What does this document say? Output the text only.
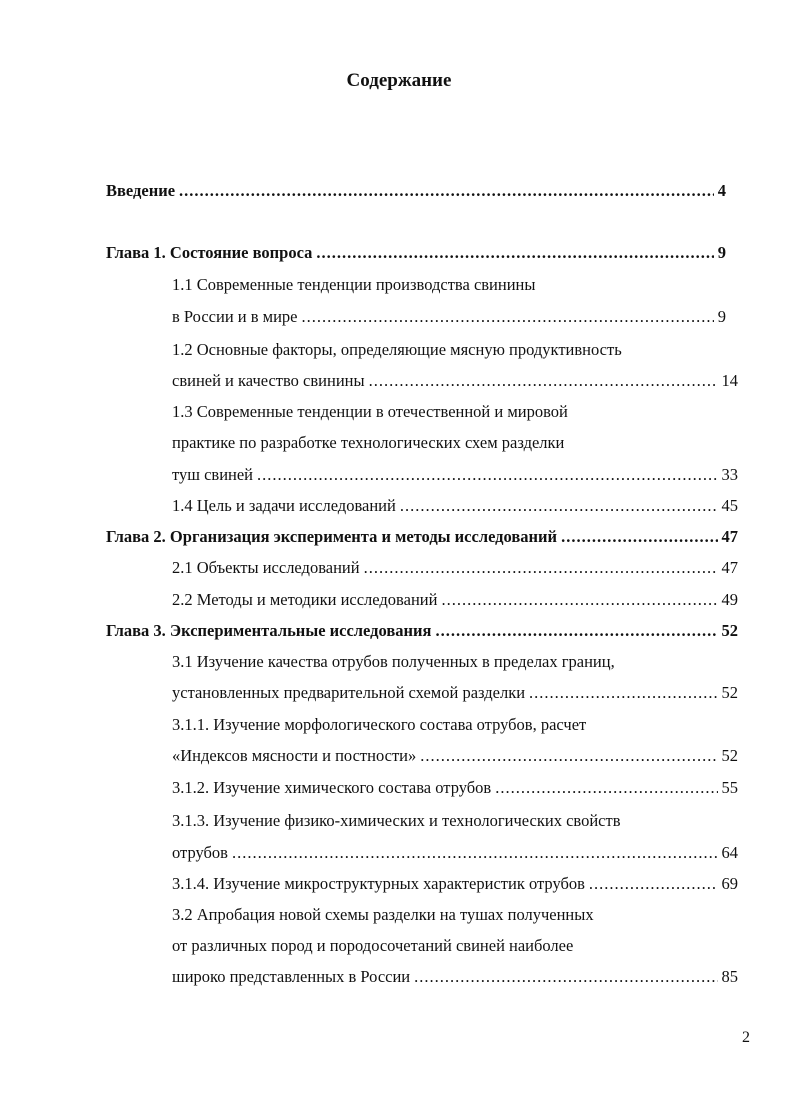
Содержание
Введение .....	4
Глава 1. Состояние вопроса .....	9
1.1 Современные тенденции производства свинины
в России и в мире .....	9
1.2 Основные факторы, определяющие мясную продуктивность
свиней и качество свинины .....	14
1.3 Современные тенденции в отечественной и мировой
практике по разработке технологических схем разделки
туш свиней .....	33
1.4 Цель и задачи исследований .....	45
Глава 2. Организация эксперимента и методы исследований .....	47
2.1 Объекты исследований .....	47
2.2 Методы и методики исследований .....	49
Глава 3. Экспериментальные исследования .....	52
3.1 Изучение качества отрубов полученных в пределах границ,
установленных предварительной схемой разделки .....	52
3.1.1. Изучение морфологического состава отрубов, расчет
«Индексов мясности и постности» .....	52
3.1.2. Изучение химического состава отрубов .....	55
3.1.3. Изучение физико-химических и технологических свойств
отрубов .....	64
3.1.4. Изучение микроструктурных характеристик отрубов .....	69
3.2 Апробация новой схемы разделки на тушах полученных
от различных пород и породосочетаний свиней наиболее
широко представленных в России .....	85
2
